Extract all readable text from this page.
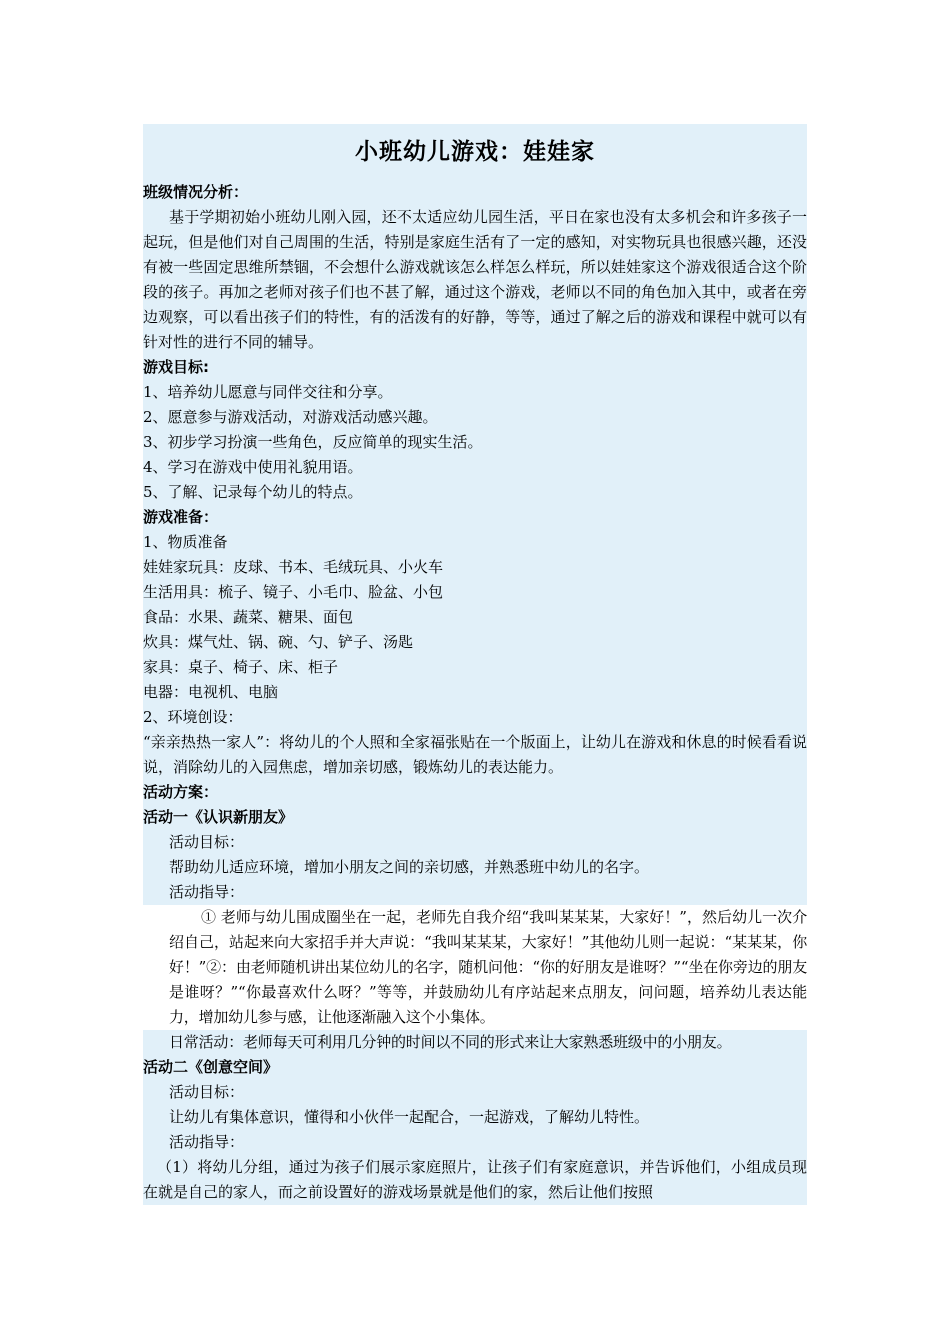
小班幼儿游戏：娃娃家
班级情况分析：

基于学期初始小班幼儿刚入园，还不太适应幼儿园生活，平日在家也没有太多机会和许多孩子一起玩，但是他们对自己周围的生活，特别是家庭生活有了一定的感知，对实物玩具也很感兴趣，还没有被一些固定思维所禁锢，不会想什么游戏就该怎么样怎么样玩，所以娃娃家这个游戏很适合这个阶段的孩子。再加之老师对孩子们也不甚了解，通过这个游戏，老师以不同的角色加入其中，或者在旁边观察，可以看出孩子们的特性，有的活泼有的好静，等等，通过了解之后的游戏和课程中就可以有针对性的进行不同的辅导。

游戏目标:
1、培养幼儿愿意与同伴交往和分享。
2、愿意参与游戏活动，对游戏活动感兴趣。
3、初步学习扮演一些角色，反应简单的现实生活。
4、学习在游戏中使用礼貌用语。
5、了解、记录每个幼儿的特点。
游戏准备：
1、物质准备
娃娃家玩具：皮球、书本、毛绒玩具、小火车
生活用具：梳子、镜子、小毛巾、脸盆、小包
食品：水果、蔬菜、糖果、面包
炊具：煤气灶、锅、碗、勺、铲子、汤匙
家具：桌子、椅子、床、柜子
电器：电视机、电脑
2、环境创设：

“亲亲热热一家人”：将幼儿的个人照和全家福张贴在一个版面上，让幼儿在游戏和休息的时候看看说说，消除幼儿的入园焦虑，增加亲切感，锻炼幼儿的表达能力。

活动方案：
活动一《认识新朋友》
活动目标：
帮助幼儿适应环境，增加小朋友之间的亲切感，并熟悉班中幼儿的名字。
活动指导：

① 老师与幼儿围成圈坐在一起，老师先自我介绍“我叫某某某，大家好！”，然后幼儿一次介绍自己，站起来向大家招手并大声说：“我叫某某某，大家好！”其他幼儿则一起说：“某某某，你好！”②：由老师随机讲出某位幼儿的名字，随机问他：“你的好朋友是谁呀？”“坐在你旁边的朋友是谁呀？”“你最喜欢什么呀？”等等，并鼓励幼儿有序站起来点朋友，问问题，培养幼儿表达能力，增加幼儿参与感，让他逐渐融入这个小集体。

日常活动：老师每天可利用几分钟的时间以不同的形式来让大家熟悉班级中的小朋友。
活动二《创意空间》
活动目标：
让幼儿有集体意识，懂得和小伙伴一起配合，一起游戏，了解幼儿特性。
活动指导：

（1）将幼儿分组，通过为孩子们展示家庭照片，让孩子们有家庭意识，并告诉他们，小组成员现在就是自己的家人，而之前设置好的游戏场景就是他们的家，然后让他们按照
